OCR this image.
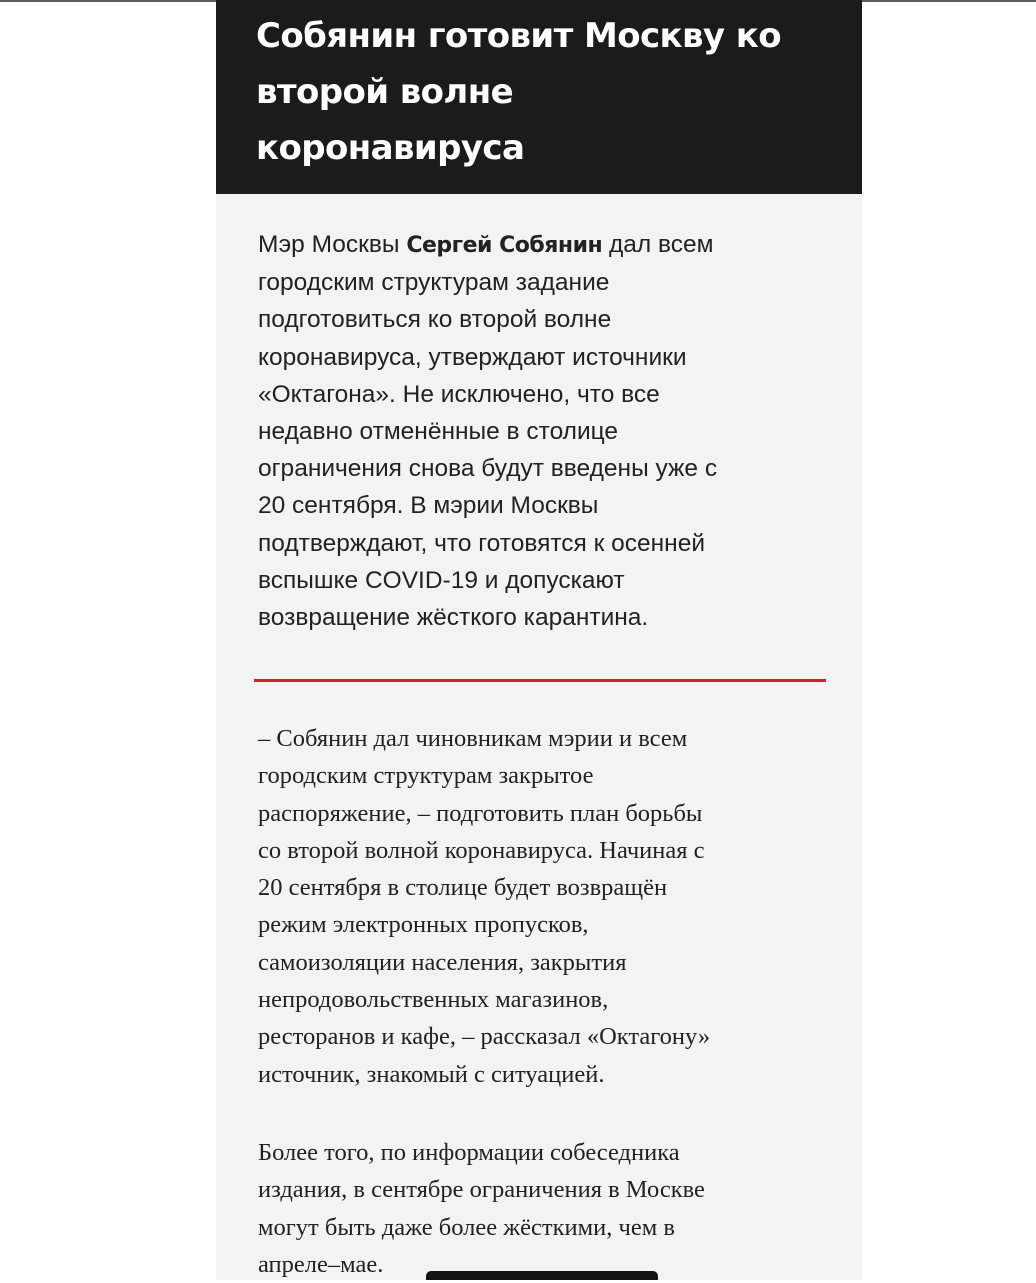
Собянин готовит Москву ко
второй волне
коронавируса

Мэр Москвы Сергей Собянин дал всем
городским структурам задание
подготовиться ко второй волне
коронавируса, утверждают источники
«Октагона». Не исключено, что все
недавно отменённые в столице
ограничения снова будут введены уже с
20 сентября. В мэрии Москвы
подтверждают, что готовятся к осенней
вспышке COVID-19 и допускают
возвращение жёсткого карантина.

– Собянин дал чиновникам мэрии и всем
городским структурам закрытое
распоряжение, – подготовить план борьбы
со второй волной коронавируса. Начиная с
20 сентября в столице будет возвращён
режим электронных пропусков,
самоизоляции населения, закрытия
непродовольственных магазинов,
ресторанов и кафе, – рассказал «Октагону»
источник, знакомый с ситуацией.

Более того, по информации собеседника
издания, в сентябре ограничения в Москве
могут быть даже более жёсткими, чем в
апреле–мае.
